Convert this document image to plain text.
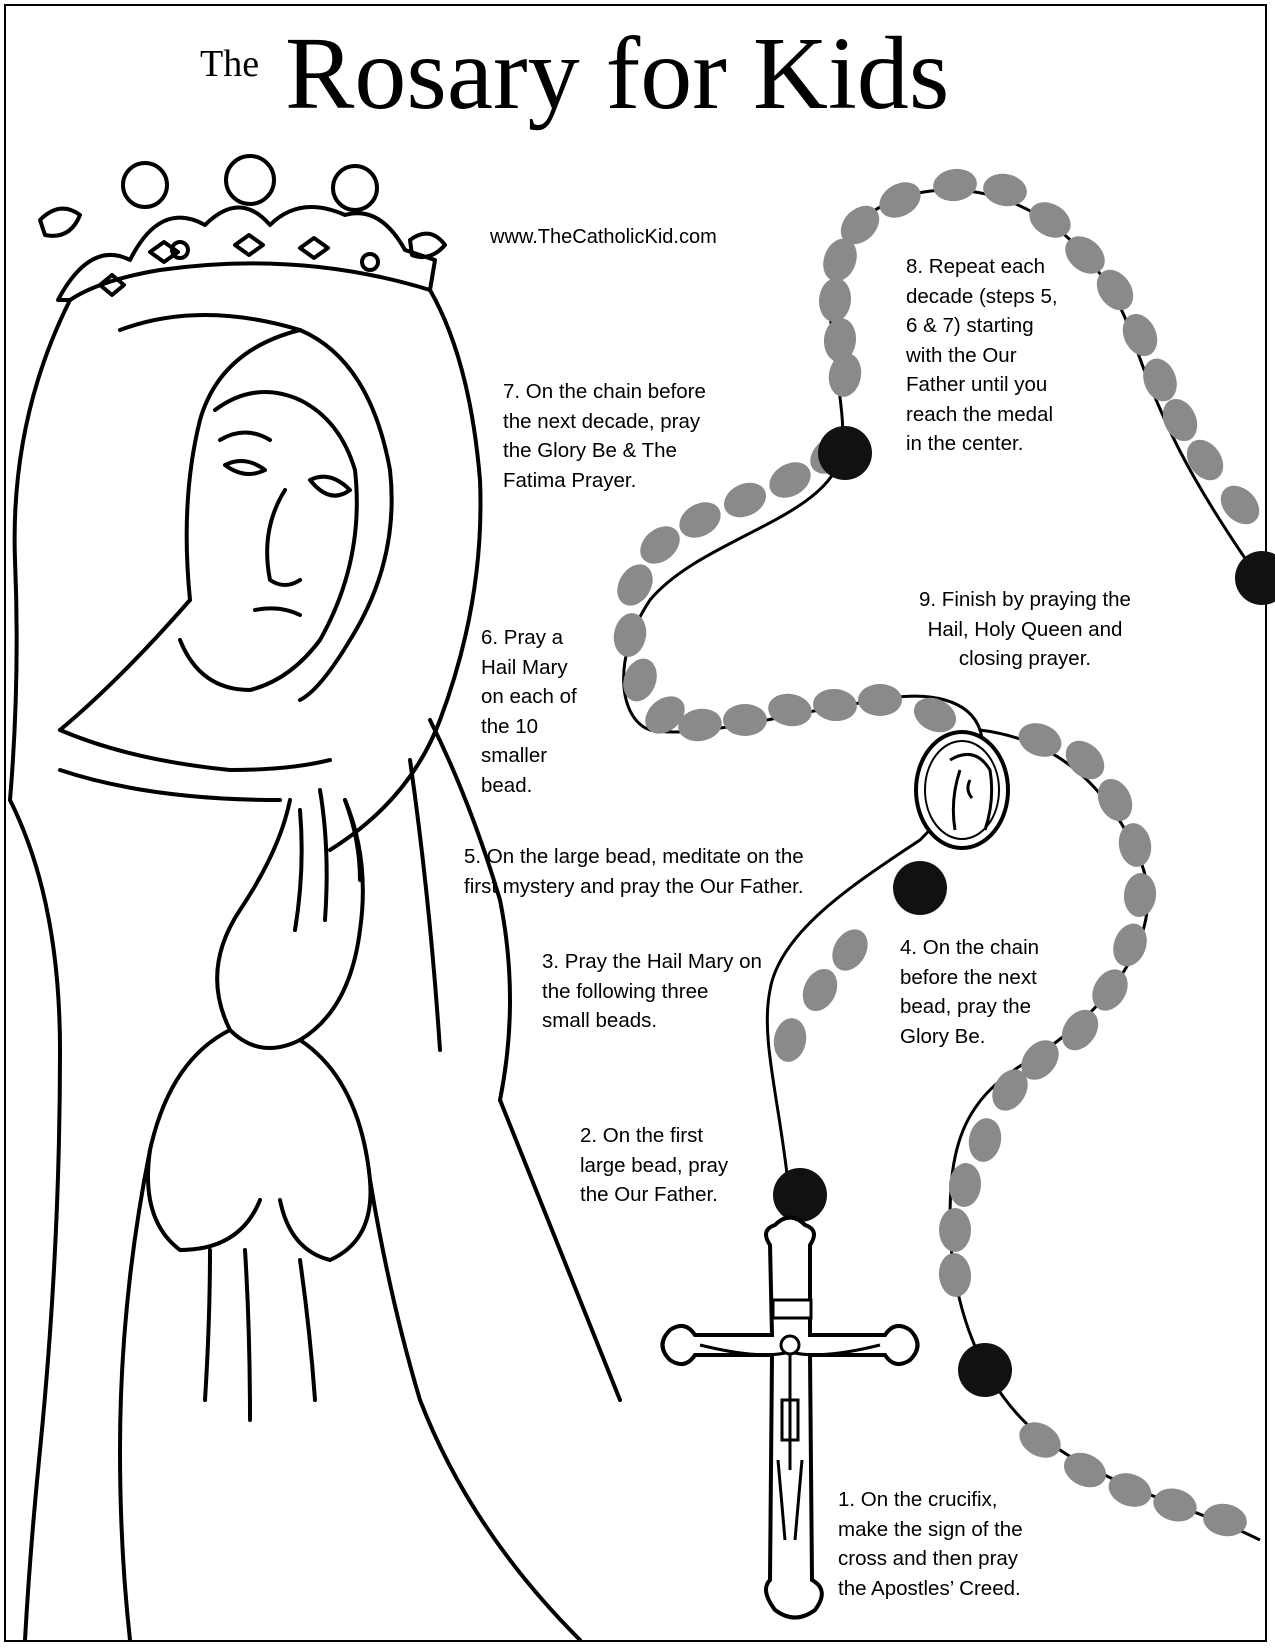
The Rosary for Kids
www.TheCatholicKid.com
8. Repeat each
decade (steps 5,
6 & 7) starting
with the Our
Father until you
reach the medal
in the center.
7. On the chain before
the next decade, pray
the Glory Be & The
Fatima Prayer.
6. Pray a
Hail Mary
on each of
the 10
smaller
bead.
9. Finish by praying the
Hail, Holy Queen and
closing prayer.
5. On the large bead, meditate on the
first mystery and pray the Our Father.
3. Pray the Hail Mary on
the following three
small beads.
4. On the chain
before the next
bead, pray the
Glory Be.
2. On the first
large bead, pray
the Our Father.
1. On the crucifix,
make the sign of the
cross and then pray
the Apostles’ Creed.
